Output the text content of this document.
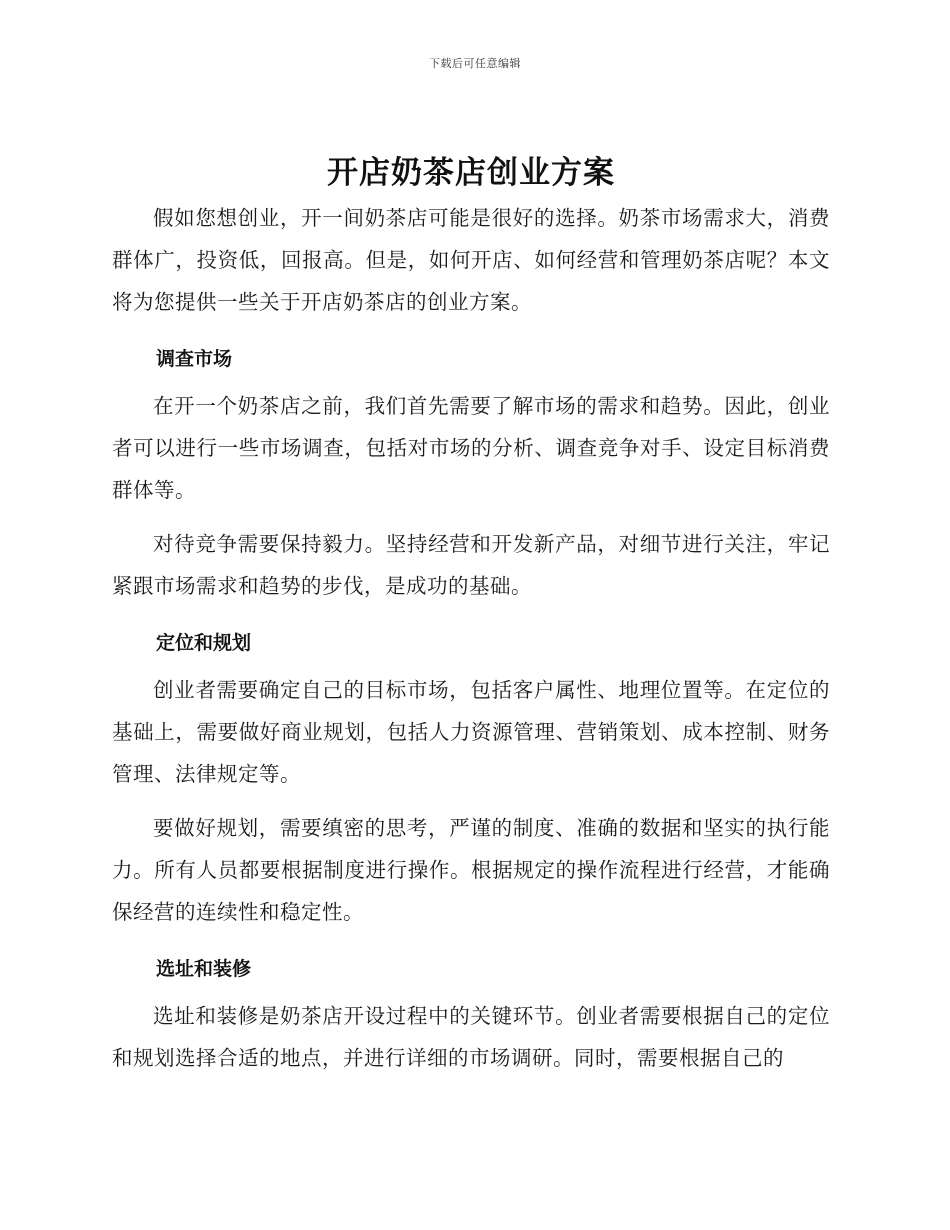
下载后可任意编辑
开店奶茶店创业方案

假如您想创业，开一间奶茶店可能是很好的选择。奶茶市场需求大，消费群体广，投资低，回报高。但是，如何开店、如何经营和管理奶茶店呢？本文将为您提供一些关于开店奶茶店的创业方案。

调查市场

在开一个奶茶店之前，我们首先需要了解市场的需求和趋势。因此，创业者可以进行一些市场调查，包括对市场的分析、调查竞争对手、设定目标消费群体等。

对待竞争需要保持毅力。坚持经营和开发新产品，对细节进行关注，牢记紧跟市场需求和趋势的步伐，是成功的基础。

定位和规划

创业者需要确定自己的目标市场，包括客户属性、地理位置等。在定位的基础上，需要做好商业规划，包括人力资源管理、营销策划、成本控制、财务管理、法律规定等。

要做好规划，需要缜密的思考，严谨的制度、准确的数据和坚实的执行能力。所有人员都要根据制度进行操作。根据规定的操作流程进行经营，才能确保经营的连续性和稳定性。

选址和装修

选址和装修是奶茶店开设过程中的关键环节。创业者需要根据自己的定位和规划选择合适的地点，并进行详细的市场调研。同时，需要根据自己的
